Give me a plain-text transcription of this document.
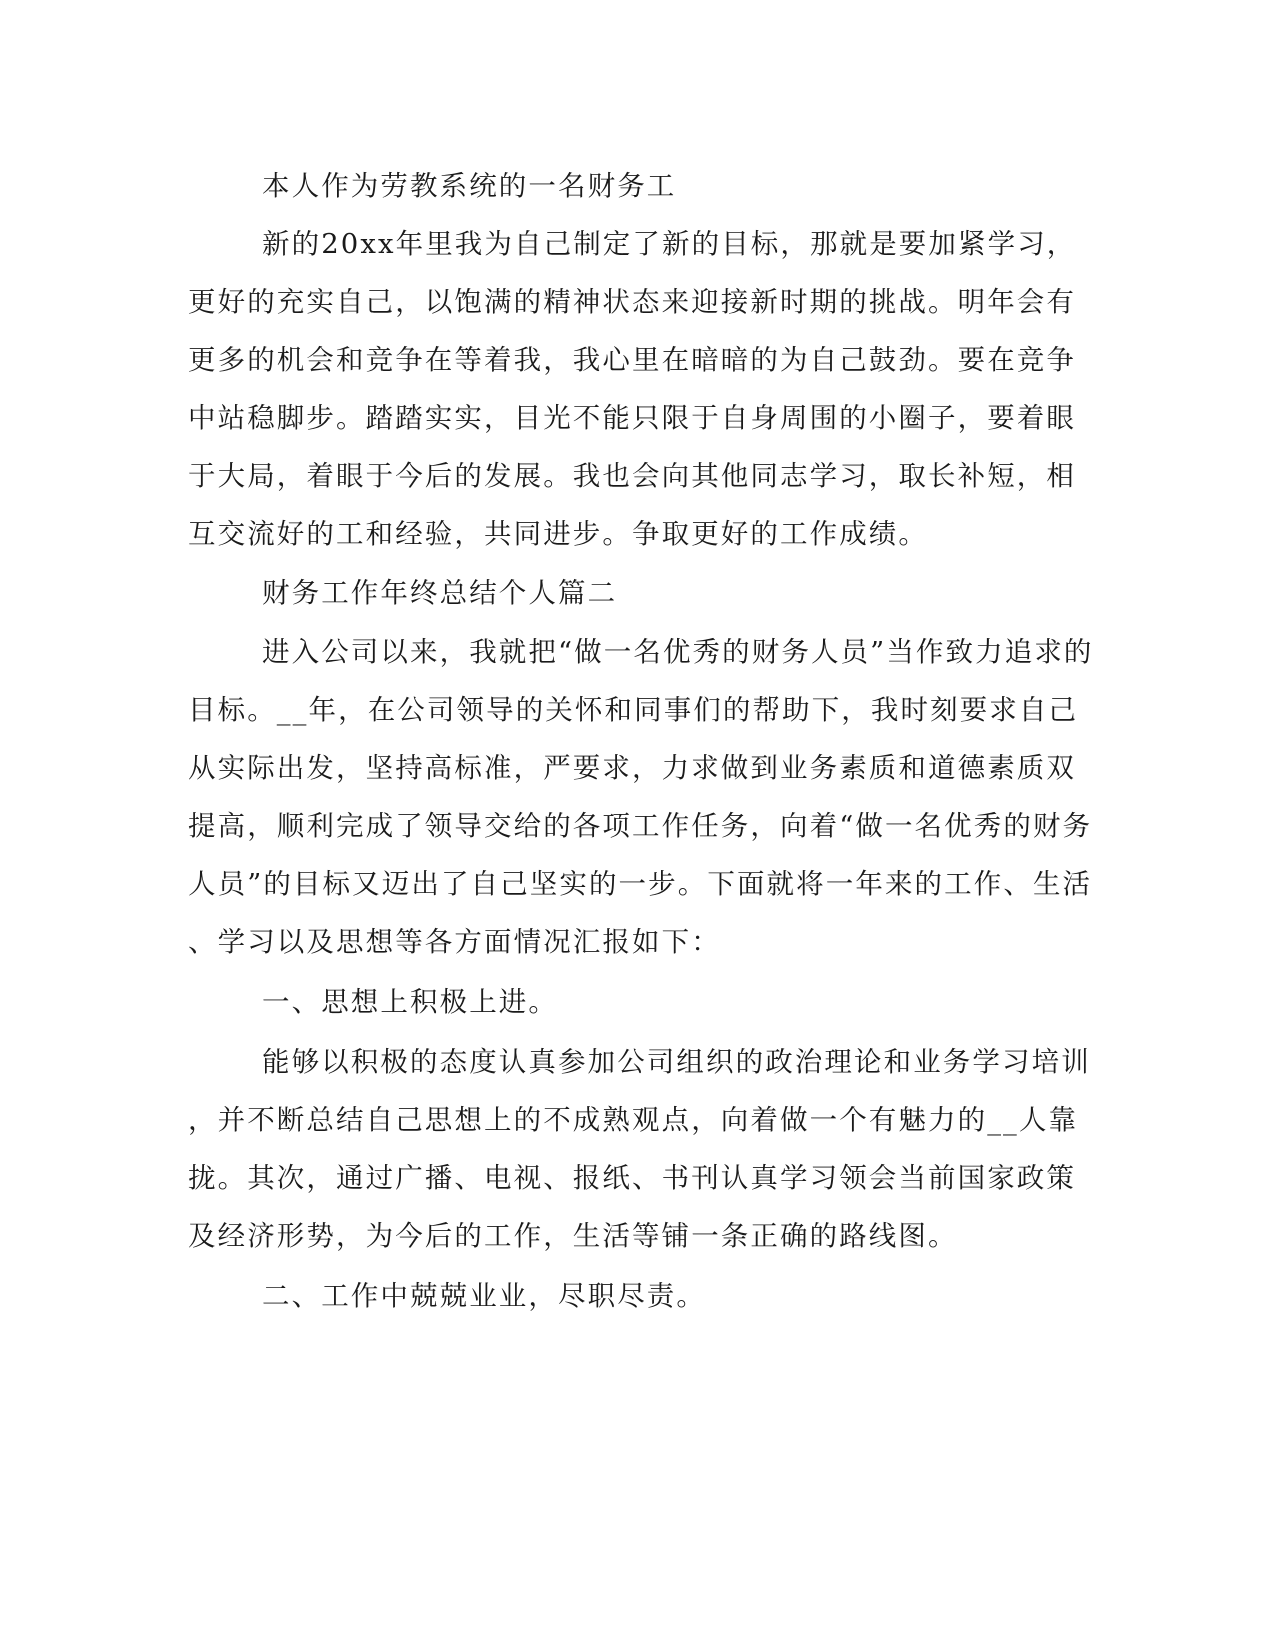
本人作为劳教系统的一名财务工
新的20xx年里我为自己制定了新的目标，那就是要加紧学习，
更好的充实自己，以饱满的精神状态来迎接新时期的挑战。明年会有
更多的机会和竞争在等着我，我心里在暗暗的为自己鼓劲。要在竞争
中站稳脚步。踏踏实实，目光不能只限于自身周围的小圈子，要着眼
于大局，着眼于今后的发展。我也会向其他同志学习，取长补短，相
互交流好的工和经验，共同进步。争取更好的工作成绩。
财务工作年终总结个人篇二
进入公司以来，我就把“做一名优秀的财务人员”当作致力追求的
目标。__年，在公司领导的关怀和同事们的帮助下，我时刻要求自己
从实际出发，坚持高标准，严要求，力求做到业务素质和道德素质双
提高，顺利完成了领导交给的各项工作任务，向着“做一名优秀的财务
人员”的目标又迈出了自己坚实的一步。下面就将一年来的工作、生活
、学习以及思想等各方面情况汇报如下：
一、思想上积极上进。
能够以积极的态度认真参加公司组织的政治理论和业务学习培训
，并不断总结自己思想上的不成熟观点，向着做一个有魅力的__人靠
拢。其次，通过广播、电视、报纸、书刊认真学习领会当前国家政策
及经济形势，为今后的工作，生活等铺一条正确的路线图。
二、工作中兢兢业业，尽职尽责。
